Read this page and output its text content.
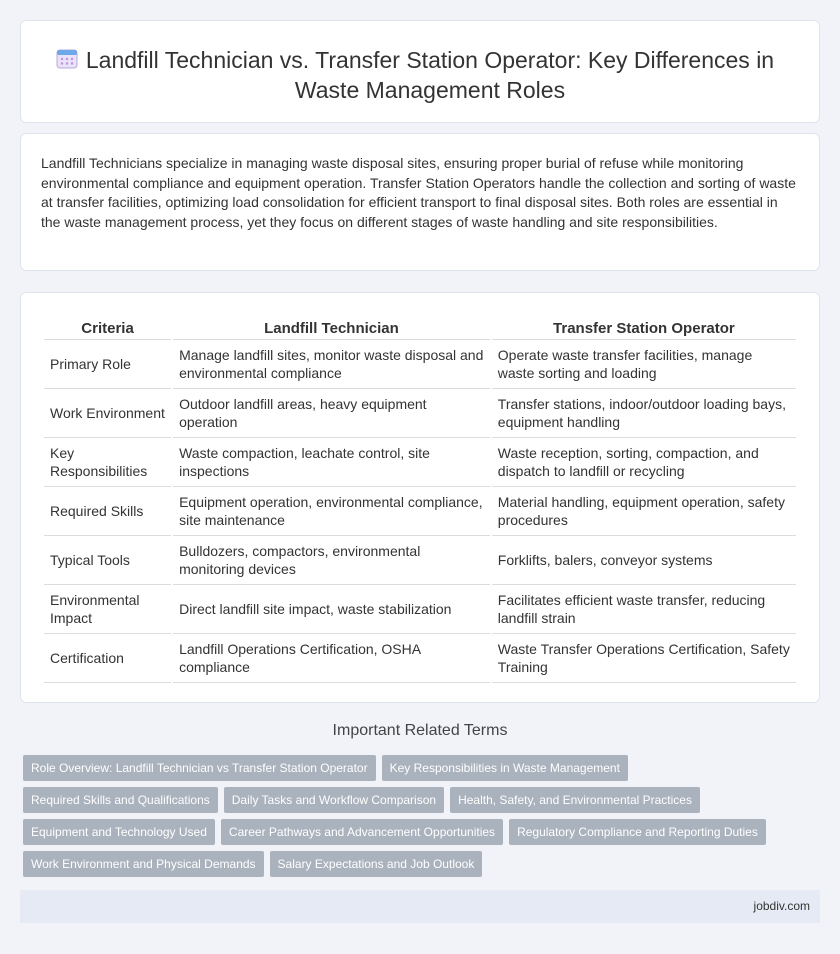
Landfill Technician vs. Transfer Station Operator: Key Differences in Waste Management Roles
Landfill Technicians specialize in managing waste disposal sites, ensuring proper burial of refuse while monitoring environmental compliance and equipment operation. Transfer Station Operators handle the collection and sorting of waste at transfer facilities, optimizing load consolidation for efficient transport to final disposal sites. Both roles are essential in the waste management process, yet they focus on different stages of waste handling and site responsibilities.
Criteria	Landfill Technician	Transfer Station Operator
Primary Role	Manage landfill sites, monitor waste disposal and environmental compliance	Operate waste transfer facilities, manage waste sorting and loading
Work Environment	Outdoor landfill areas, heavy equipment operation	Transfer stations, indoor/outdoor loading bays, equipment handling
Key Responsibilities	Waste compaction, leachate control, site inspections	Waste reception, sorting, compaction, and dispatch to landfill or recycling
Required Skills	Equipment operation, environmental compliance, site maintenance	Material handling, equipment operation, safety procedures
Typical Tools	Bulldozers, compactors, environmental monitoring devices	Forklifts, balers, conveyor systems
Environmental Impact	Direct landfill site impact, waste stabilization	Facilitates efficient waste transfer, reducing landfill strain
Certification	Landfill Operations Certification, OSHA compliance	Waste Transfer Operations Certification, Safety Training
Important Related Terms
Role Overview: Landfill Technician vs Transfer Station Operator	Key Responsibilities in Waste Management
Required Skills and Qualifications	Daily Tasks and Workflow Comparison	Health, Safety, and Environmental Practices
Equipment and Technology Used	Career Pathways and Advancement Opportunities	Regulatory Compliance and Reporting Duties
Work Environment and Physical Demands	Salary Expectations and Job Outlook
jobdiv.com
